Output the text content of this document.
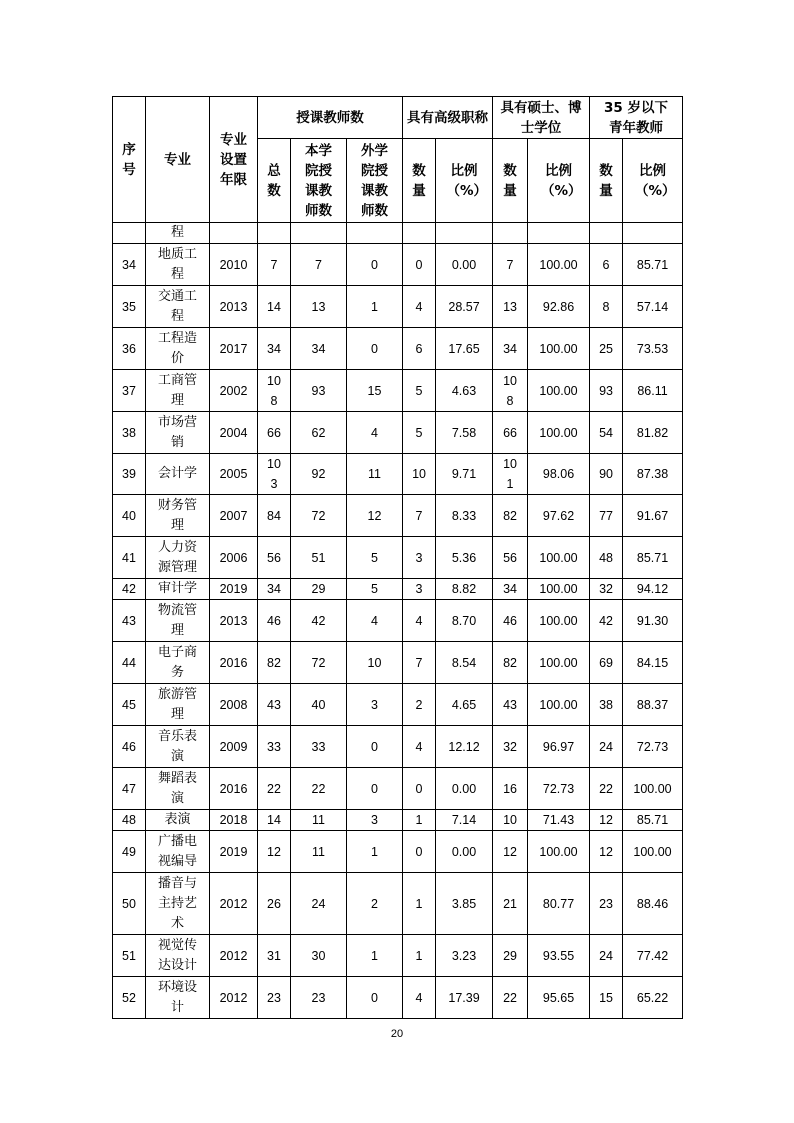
序号	专业	专业设置年限	授课教师数			具有高级职称		具有硕士、博士学位		35 岁以下青年教师	
			总数	本学院授课教师数	外学院授课教师数	数量	比例（%）	数量	比例（%）	数量	比例（%）
	程										
34	地质工程	2010	7	7	0	0	0.00	7	100.00	6	85.71
35	交通工程	2013	14	13	1	4	28.57	13	92.86	8	57.14
36	工程造价	2017	34	34	0	6	17.65	34	100.00	25	73.53
37	工商管理	2002	108	93	15	5	4.63	108	100.00	93	86.11
38	市场营销	2004	66	62	4	5	7.58	66	100.00	54	81.82
39	会计学	2005	103	92	11	10	9.71	101	98.06	90	87.38
40	财务管理	2007	84	72	12	7	8.33	82	97.62	77	91.67
41	人力资源管理	2006	56	51	5	3	5.36	56	100.00	48	85.71
42	审计学	2019	34	29	5	3	8.82	34	100.00	32	94.12
43	物流管理	2013	46	42	4	4	8.70	46	100.00	42	91.30
44	电子商务	2016	82	72	10	7	8.54	82	100.00	69	84.15
45	旅游管理	2008	43	40	3	2	4.65	43	100.00	38	88.37
46	音乐表演	2009	33	33	0	4	12.12	32	96.97	24	72.73
47	舞蹈表演	2016	22	22	0	0	0.00	16	72.73	22	100.00
48	表演	2018	14	11	3	1	7.14	10	71.43	12	85.71
49	广播电视编导	2019	12	11	1	0	0.00	12	100.00	12	100.00
50	播音与主持艺术	2012	26	24	2	1	3.85	21	80.77	23	88.46
51	视觉传达设计	2012	31	30	1	1	3.23	29	93.55	24	77.42
52	环境设计	2012	23	23	0	4	17.39	22	95.65	15	65.22
20
